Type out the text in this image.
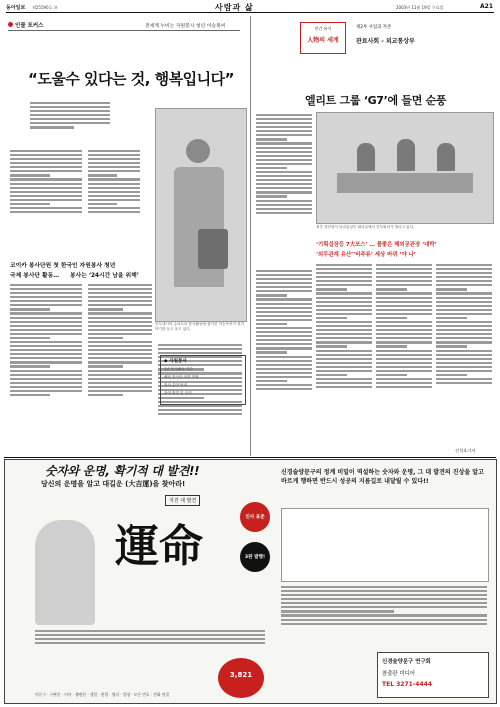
동아일보 제25590호 ⑳	사람과 삶	2003년 11월 19일 수요일	A21
인물 포커스	전세계 누비는 자원봉사 청년 이승목씨
“도울수 있다는 것, 행복입니다”
코이카 봉사단원 첫 한국인 자원봉사 청년
국제 봉사단 활동… 봉사는 ‘24시간 남을 위해’
인도네시아 수마트라 봉사활동에 참가한 이승목씨가 현지 악기를 들고 웃고 있다.
◆ 자원봉사
1년 봉사활동 기간
해외 봉사단 파견 현황
봉사 분야 안내
참여 방법 및 문의
인간 유식
人物의 세계
제2부 사업과 자본
관료사회 - 외교통상부
엘리트 그룹 ‘G7’에 들면 순풍
정부 과천청사 외교통상부 회의실에서 간부회의가 열리고 있다.
‘기획실장등 7大포스’ … 물좋은 해외공관장 ‘대박’
‘외무관계 유산’‘비주류’ 세상 바뀌 ‘야 나’
신석호기자
숫자와 운명, 확기적 대 발견!!
당신의 운명을 알고 대길운 (大吉運)을 찾아라!
지진 대 발견
運命
인사 표준
3판 발행!
3,821
신경술양문구의 정계 비밀이 역설하는 숫자와 운명, 그 대 발견의 진상을 알고 바르게 행하면 반드시 성공의 지름길로 내달릴 수 있다!!
신경술양문구 연구회
참출판 미디어
TEL 3271-4444
이문구 · 구판문 · 이사 · 출판문 · 생일 · 흥업 · 영리 · 입명 · 모든 번호 · 전화 연결
